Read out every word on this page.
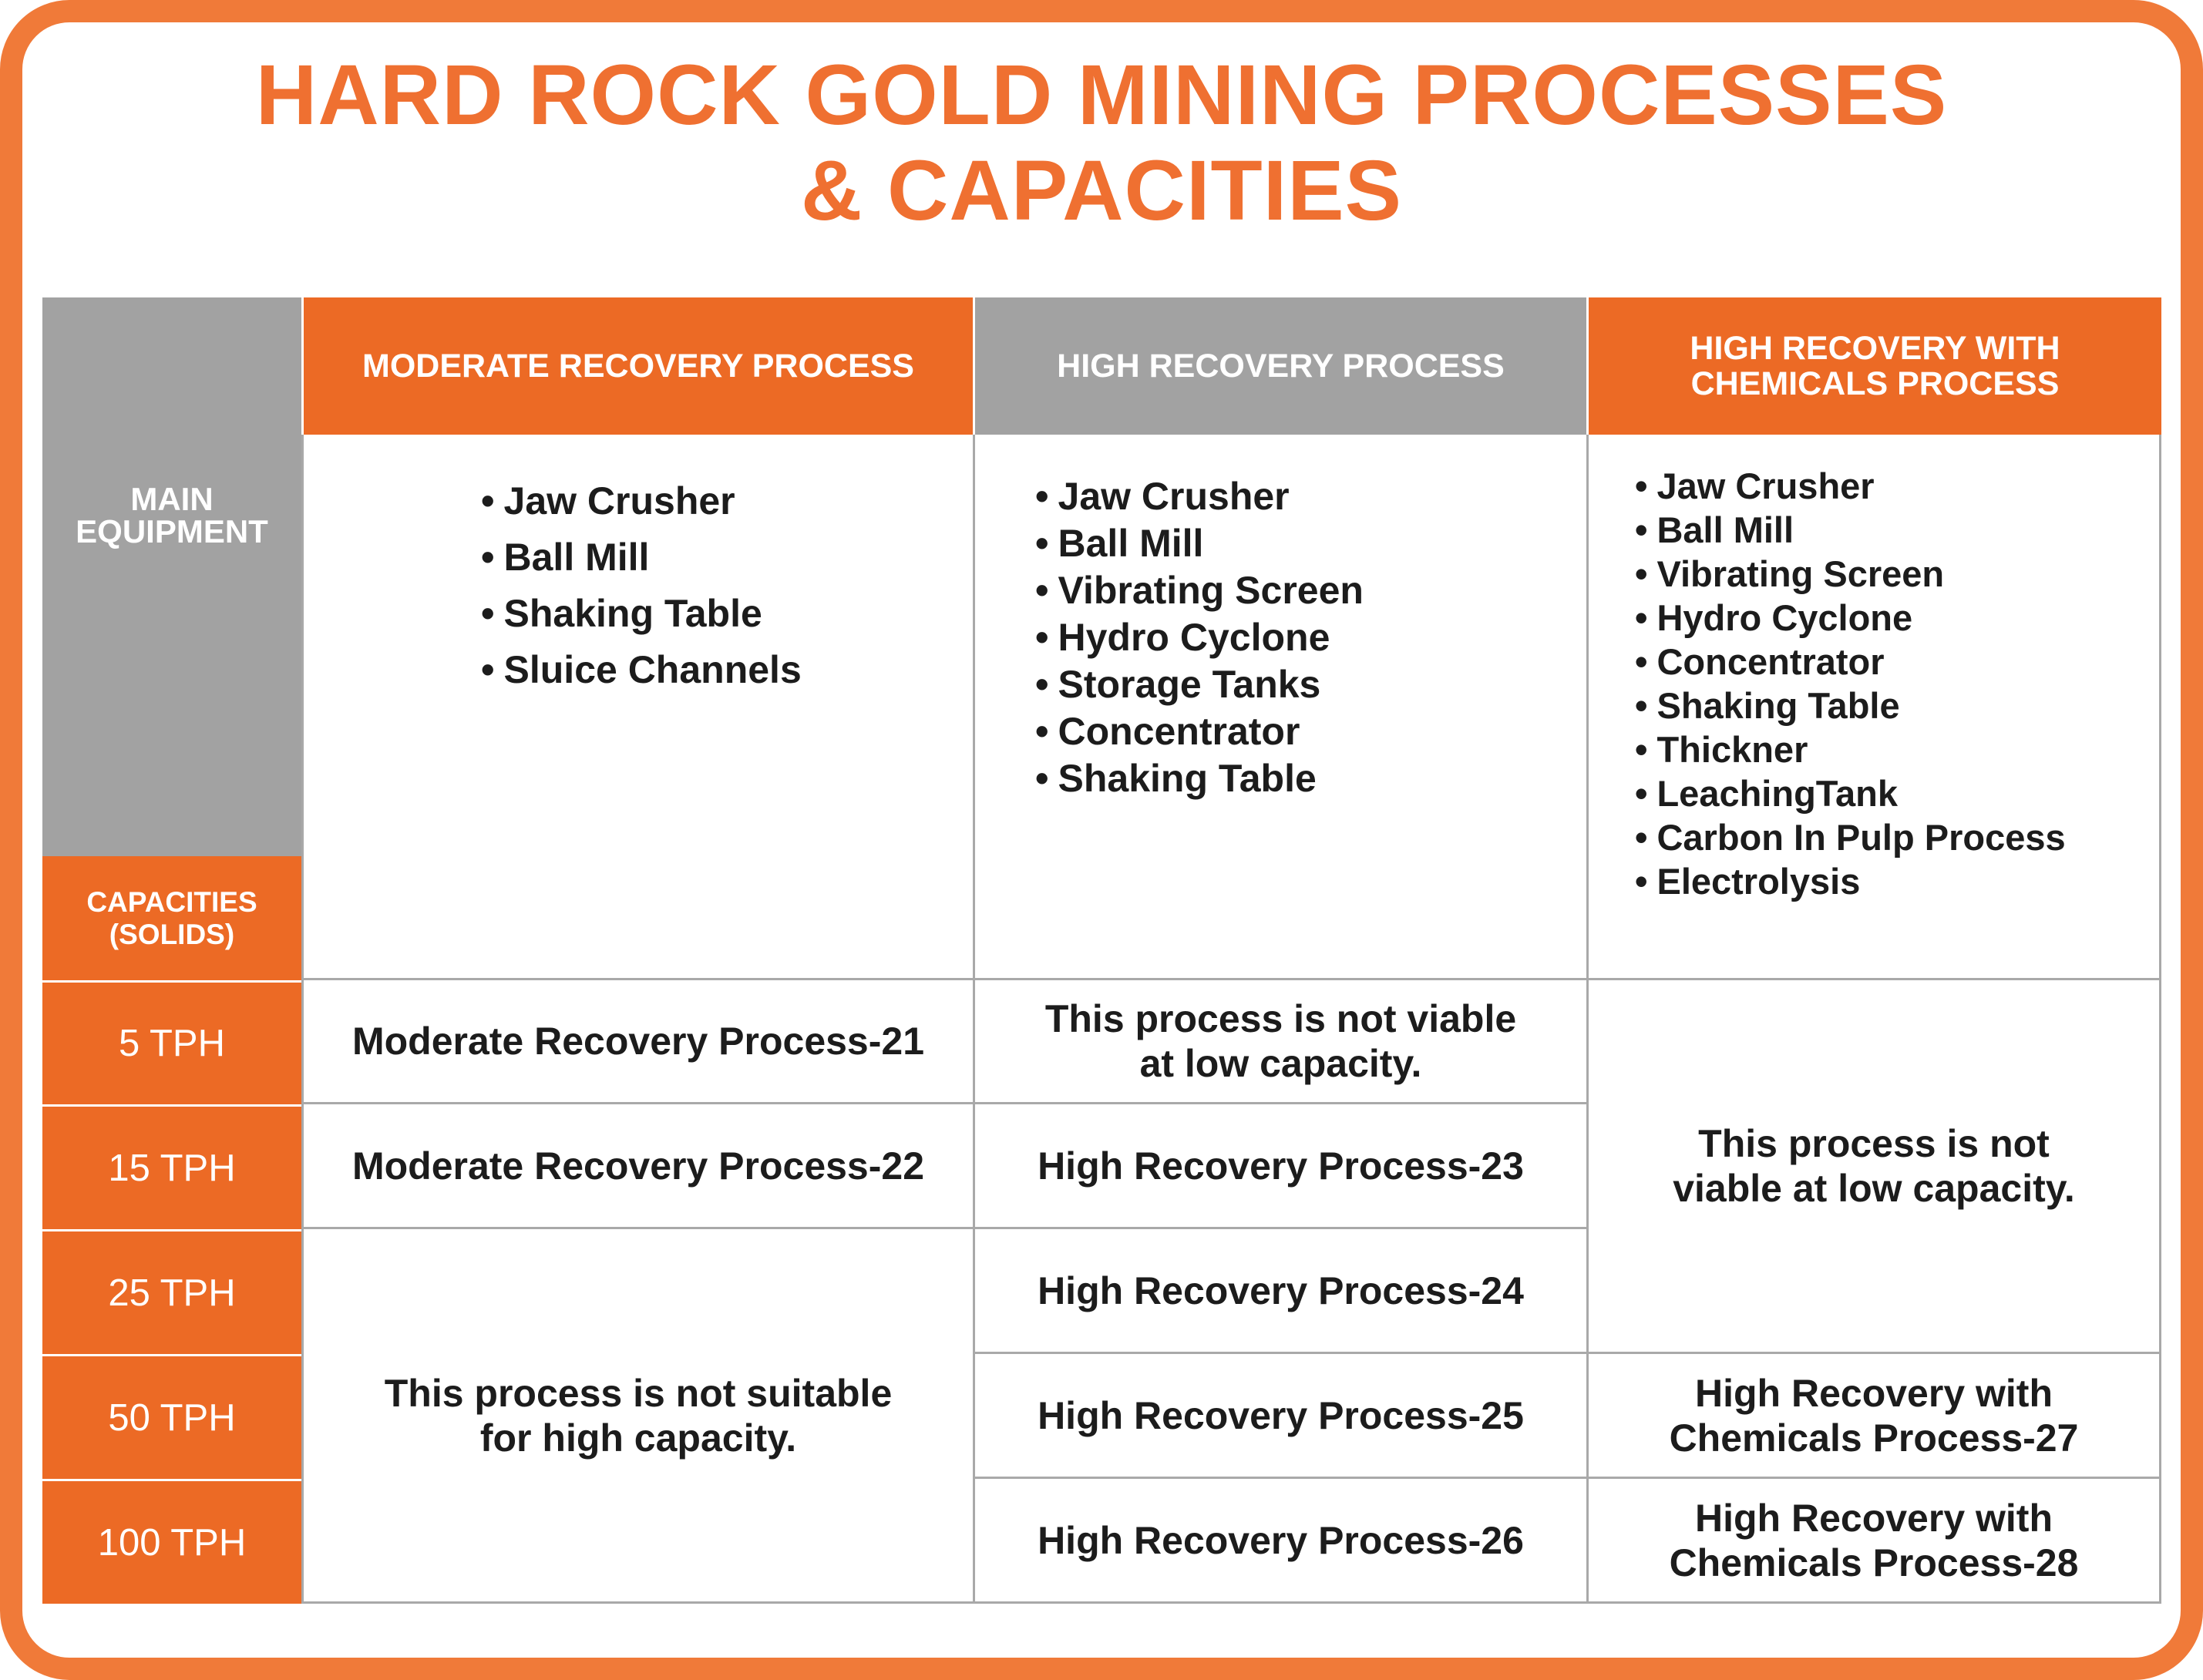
HARD ROCK GOLD MINING PROCESSES
& CAPACITIES
MAIN EQUIPMENT
MODERATE RECOVERY PROCESS	HIGH RECOVERY PROCESS	HIGH RECOVERY WITH
CHEMICALS PROCESS
• Jaw Crusher
• Ball Mill
• Shaking Table
• Sluice Channels
• Jaw Crusher
• Ball Mill
• Vibrating Screen
• Hydro Cyclone
• Storage Tanks
• Concentrator
• Shaking Table
• Jaw Crusher
• Ball Mill
• Vibrating Screen
• Hydro Cyclone
• Concentrator
• Shaking Table
• Thickner
• LeachingTank
• Carbon In Pulp Process
• Electrolysis
CAPACITIES
(SOLIDS)
5 TPH
15 TPH
25 TPH
50 TPH
100 TPH
Moderate Recovery Process-21
Moderate Recovery Process-22
This process is not suitable
for high capacity.
This process is not viable
at low capacity.
High Recovery Process-23
High Recovery Process-24
High Recovery Process-25
High Recovery Process-26
This process is not
viable at low capacity.
High Recovery with
Chemicals Process-27
High Recovery with
Chemicals Process-28
